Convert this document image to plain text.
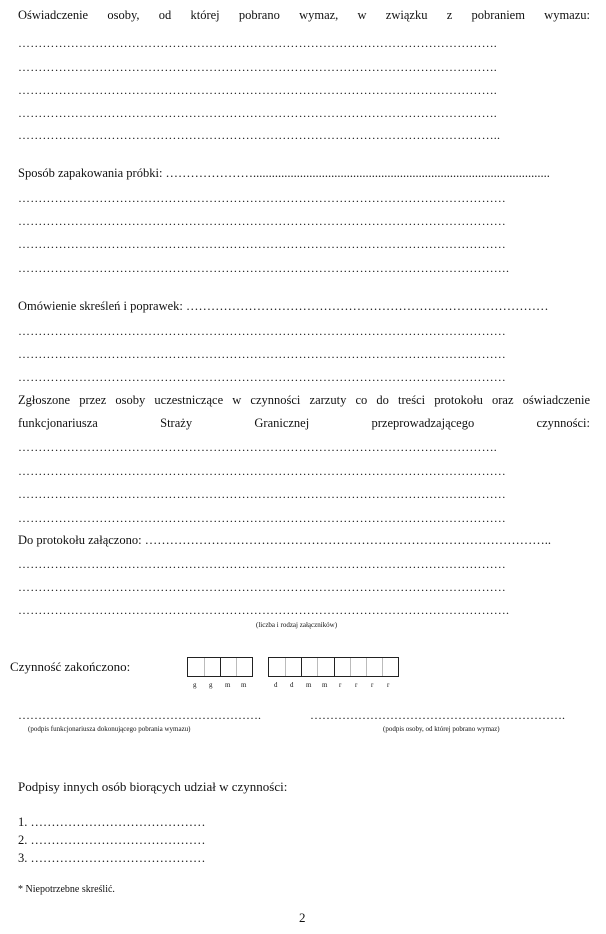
Oświadczenie osoby, od której pobrano wymaz, w związku z pobraniem wymazu:
……………………………………………………………………………………………………….
……………………………………………………………………………………………………….
……………………………………………………………………………………………………….
……………………………………………………………………………………………………….
………………………………………………………………………………………………………..
Sposób zapakowania próbki: …………………...............................................................................................
…………………………………………………………………………………………………………
…………………………………………………………………………………………………………
…………………………………………………………………………………………………………
………………………………………………………………………………………………………….
Omówienie skreśleń i poprawek: ……………………………………………………………………………
…………………………………………………………………………………………………………
…………………………………………………………………………………………………………
…………………………………………………………………………………………………………
Zgłoszone przez osoby uczestniczące w czynności zarzuty co do treści protokołu oraz oświadczenie
funkcjonariusza Straży Granicznej przeprowadzającego czynności:
……………………………………………………………………………………………………….
…………………………………………………………………………………………………………
…………………………………………………………………………………………………………
…………………………………………………………………………………………………………
Do protokołu załączono: ……………………………………………………………………………………..
…………………………………………………………………………………………………………
…………………………………………………………………………………………………………
………………………………………………………………………………………………………….
(liczba i rodzaj załączników)
Czynność zakończono:
g g m m	d d m m r r r r
…………………………………………………….
(podpis funkcjonariusza dokonującego pobrania wymazu)
……………………………………………………….
(podpis osoby, od której pobrano wymaz)
Podpisy innych osób biorących udział w czynności:
1. ……………………………………
2. ……………………………………
3. ……………………………………
* Niepotrzebne skreślić.
2
